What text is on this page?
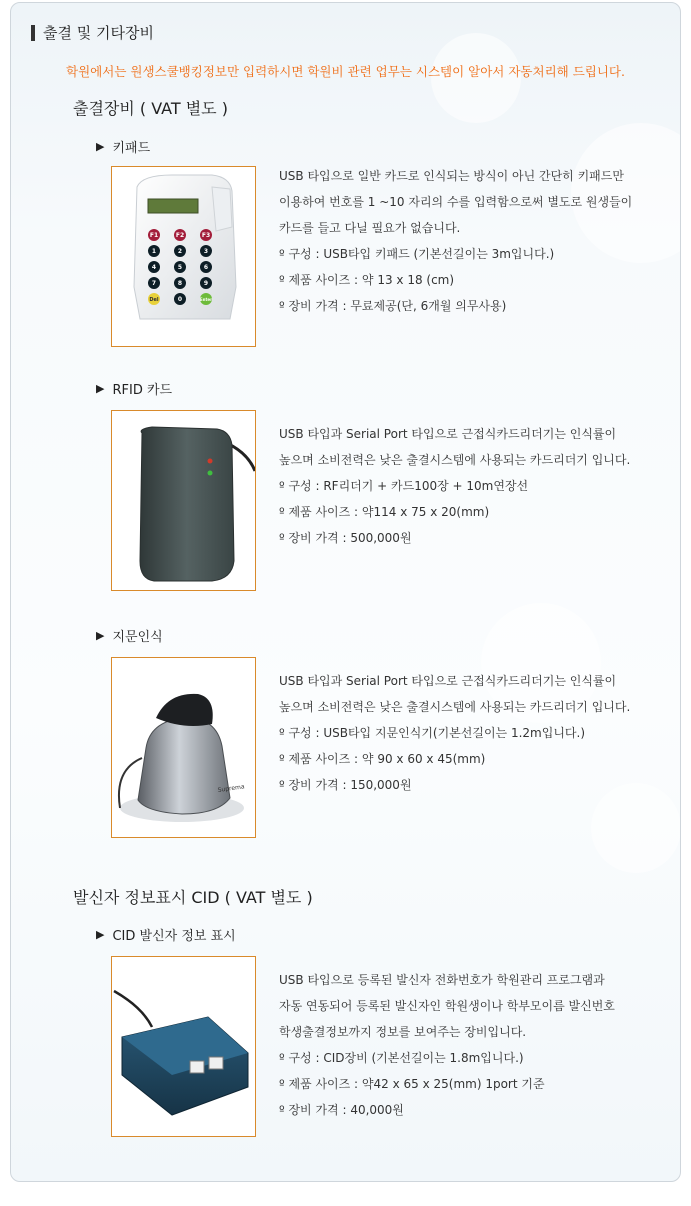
출결 및 기타장비
학원에서는 원생스쿨뱅킹정보만 입력하시면 학원비 관련 업무는 시스템이 알아서 자동처리해 드립니다.
출결장비 ( VAT 별도 )
▶ 키패드
F1	F2	F3
1	2	3
4	5	6
7	8	9
Del	0	Enter

USB 타입으로 일반 카드로 인식되는 방식이 아닌 간단히 키패드만

이용하여 번호를 1 ~10 자리의 수를 입력함으로써 별도로 원생들이

카드를 들고 다닐 필요가 없습니다.

º 구성 : USB타입 키패드 (기본선길이는 3m입니다.)

º 제품 사이즈 : 약 13 x 18 (cm)

º 장비 가격 : 무료제공(단, 6개월 의무사용)

▶ RFID 카드

USB 타입과 Serial Port 타입으로 근접식카드리더기는 인식률이

높으며 소비전력은 낮은 출결시스템에 사용되는 카드리더기 입니다.

º 구성 : RF리더기 + 카드100장 + 10m연장선

º 제품 사이즈 : 약114 x 75 x 20(mm)

º 장비 가격 : 500,000원

▶ 지문인식
Suprema

USB 타입과 Serial Port 타입으로 근접식카드리더기는 인식률이

높으며 소비전력은 낮은 출결시스템에 사용되는 카드리더기 입니다.

º 구성 : USB타입 지문인식기(기본선길이는 1.2m입니다.)

º 제품 사이즈 : 약 90 x 60 x 45(mm)

º 장비 가격 : 150,000원

발신자 정보표시 CID ( VAT 별도 )
▶ CID 발신자 정보 표시

USB 타입으로 등록된 발신자 전화번호가 학원관리 프로그램과

자동 연동되어 등록된 발신자인 학원생이나 학부모이름 발신번호

학생출결정보까지 정보를 보여주는 장비입니다.

º 구성 : CID장비 (기본선길이는 1.8m입니다.)

º 제품 사이즈 : 약42 x 65 x 25(mm) 1port 기준

º 장비 가격 : 40,000원
